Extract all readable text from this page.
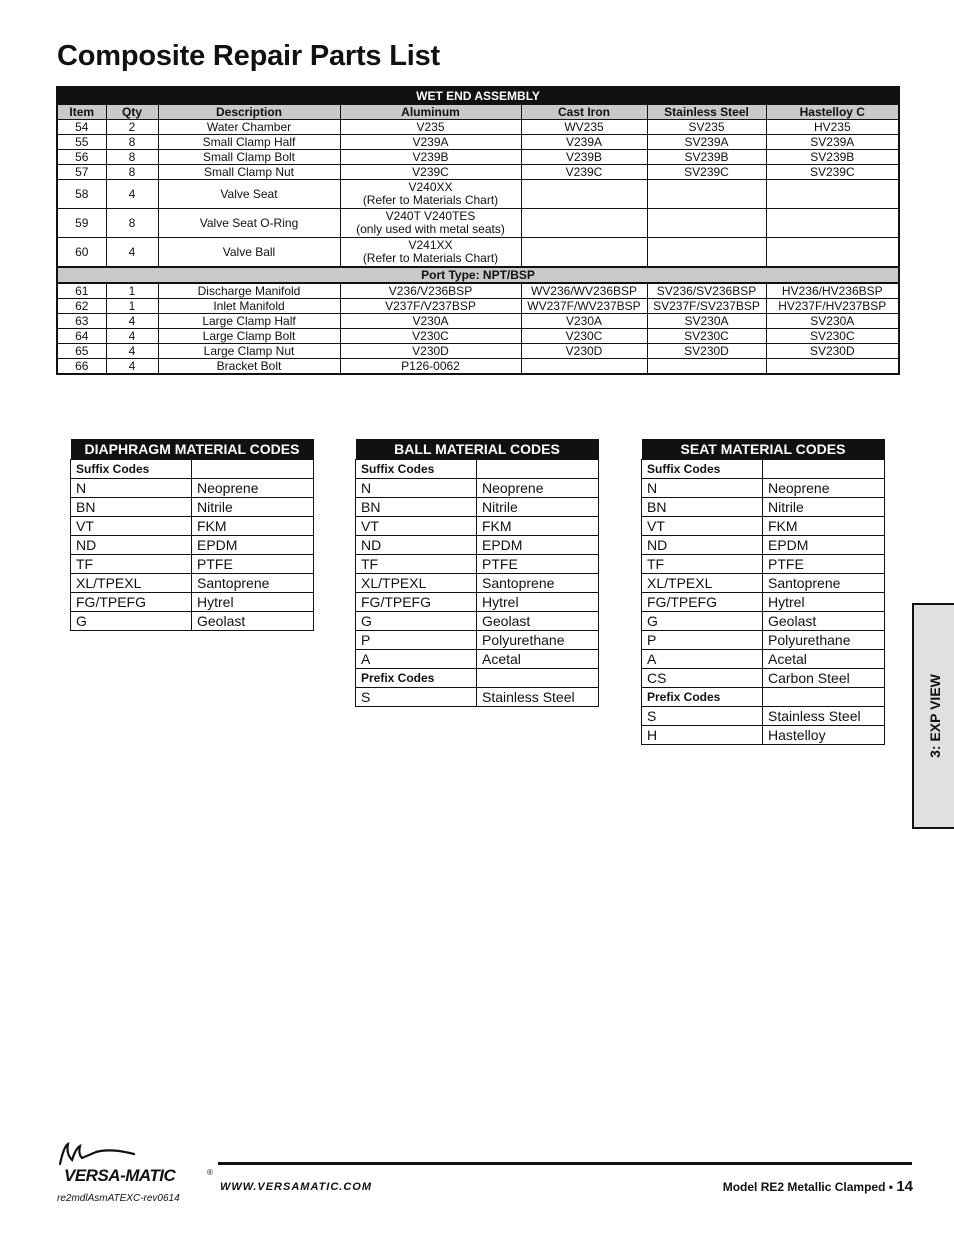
Composite Repair Parts List
WET END ASSEMBLY						
Item	Qty	Description	Aluminum	Cast Iron	Stainless Steel	Hastelloy C
54	2	Water Chamber	V235	WV235	SV235	HV235
55	8	Small Clamp Half	V239A	V239A	SV239A	SV239A
56	8	Small Clamp Bolt	V239B	V239B	SV239B	SV239B
57	8	Small Clamp Nut	V239C	V239C	SV239C	SV239C
58	4	Valve Seat	V240XX
(Refer to Materials Chart)			

59	8	Valve Seat O-Ring	V240T V240TES
(only used with metal seats)			

60	4	Valve Ball	V241XX
(Refer to Materials Chart)			

Port Type: NPT/BSP						
61	1	Discharge Manifold	V236/V236BSP	WV236/WV236BSP	SV236/SV236BSP	HV236/HV236BSP
62	1	Inlet Manifold	V237F/V237BSP	WV237F/WV237BSP	SV237F/SV237BSP	HV237F/HV237BSP
63	4	Large Clamp Half	V230A	V230A	SV230A	SV230A
64	4	Large Clamp Bolt	V230C	V230C	SV230C	SV230C
65	4	Large Clamp Nut	V230D	V230D	SV230D	SV230D
66	4	Bracket Bolt	P126-0062			
DIAPHRAGM MATERIAL CODES	
Suffix Codes	
N	Neoprene
BN	Nitrile
VT	FKM
ND	EPDM
TF	PTFE
XL/TPEXL	Santoprene
FG/TPEFG	Hytrel
G	Geolast
BALL MATERIAL CODES	
Suffix Codes	
N	Neoprene
BN	Nitrile
VT	FKM
ND	EPDM
TF	PTFE
XL/TPEXL	Santoprene
FG/TPEFG	Hytrel
G	Geolast
P	Polyurethane
A	Acetal
Prefix Codes	
S	Stainless Steel
SEAT MATERIAL CODES	
Suffix Codes	
N	Neoprene
BN	Nitrile
VT	FKM
ND	EPDM
TF	PTFE
XL/TPEXL	Santoprene
FG/TPEFG	Hytrel
G	Geolast
P	Polyurethane
A	Acetal
CS	Carbon Steel
Prefix Codes	
S	Stainless Steel
H	Hastelloy	3: EXP VIEW
VERSA-MATIC	®
re2mdlAsmATEXC-rev0614
WWW.VERSAMATIC.COM	Model RE2 Metallic Clamped • 14
